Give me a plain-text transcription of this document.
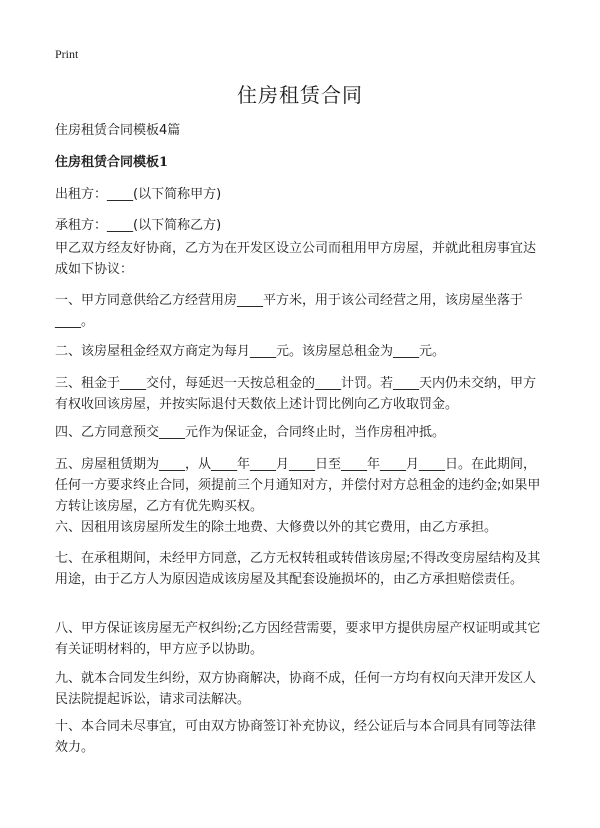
Print
住房租赁合同
住房租赁合同模板4篇
住房租赁合同模板1
出租方：____(以下简称甲方)
承租方：____(以下简称乙方)
甲乙双方经友好协商，乙方为在开发区设立公司而租用甲方房屋，并就此租房事宜达成如下协议：
一、甲方同意供给乙方经营用房____平方米，用于该公司经营之用，该房屋坐落于____。
二、该房屋租金经双方商定为每月____元。该房屋总租金为____元。
三、租金于____交付，每延迟一天按总租金的____计罚。若____天内仍未交纳，甲方有权收回该房屋，并按实际退付天数依上述计罚比例向乙方收取罚金。
四、乙方同意预交____元作为保证金，合同终止时，当作房租冲抵。
五、房屋租赁期为____，从____年____月____日至____年____月____日。在此期间，任何一方要求终止合同，须提前三个月通知对方，并偿付对方总租金的违约金;如果甲方转让该房屋，乙方有优先购买权。
六、因租用该房屋所发生的除土地费、大修费以外的其它费用，由乙方承担。
七、在承租期间，未经甲方同意，乙方无权转租或转借该房屋;不得改变房屋结构及其用途，由于乙方人为原因造成该房屋及其配套设施损坏的，由乙方承担赔偿责任。
八、甲方保证该房屋无产权纠纷;乙方因经营需要，要求甲方提供房屋产权证明或其它有关证明材料的，甲方应予以协助。
九、就本合同发生纠纷，双方协商解决，协商不成，任何一方均有权向天津开发区人民法院提起诉讼，请求司法解决。
十、本合同未尽事宜，可由双方协商签订补充协议，经公证后与本合同具有同等法律效力。
